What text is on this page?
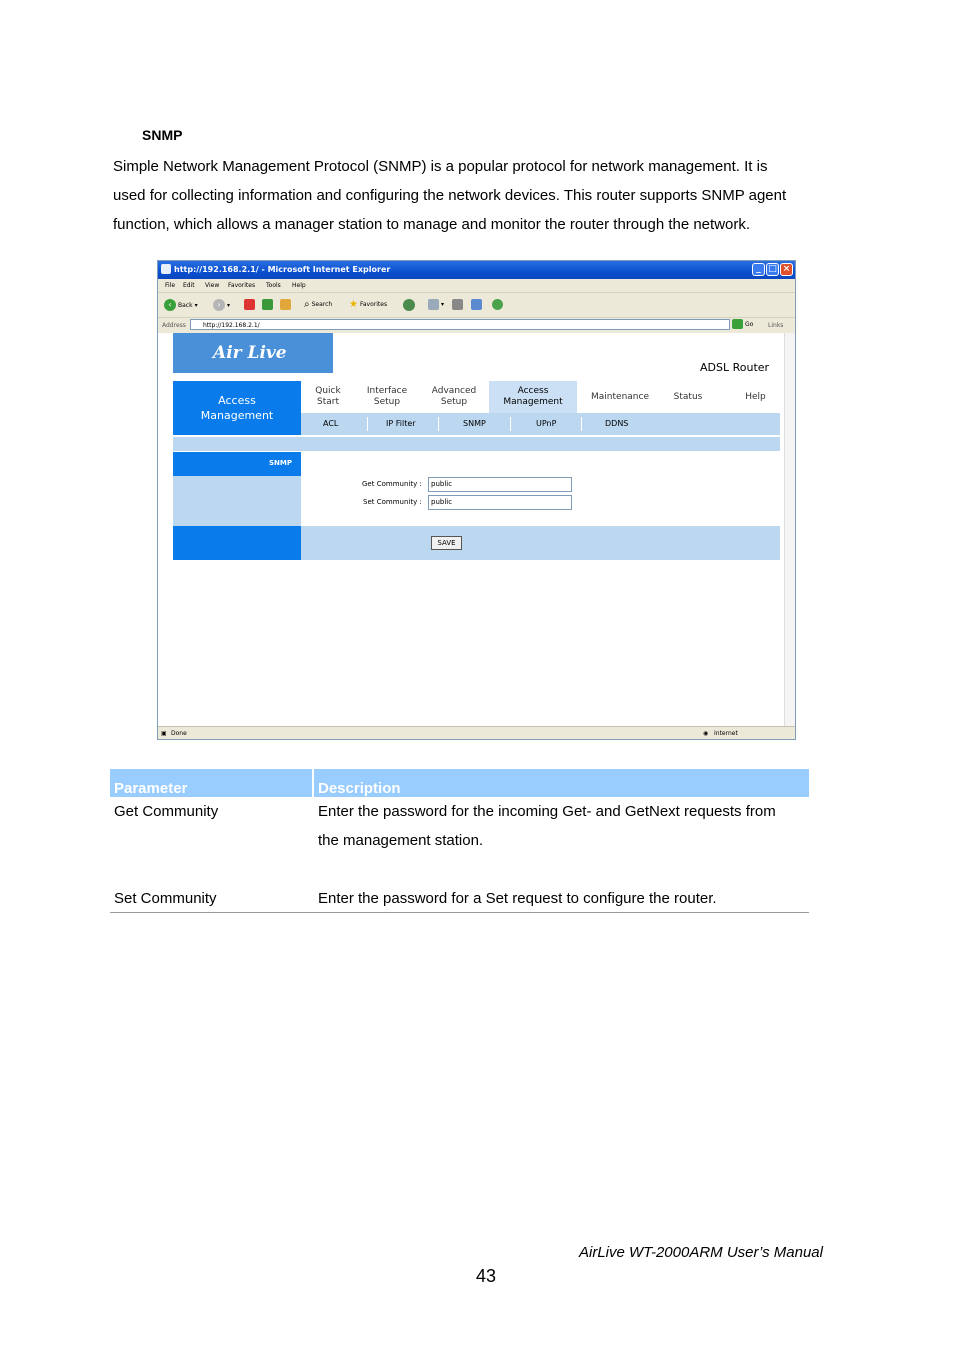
SNMP

Simple Network Management Protocol (SNMP) is a popular protocol for network management. It is

used for collecting information and configuring the network devices. This router supports SNMP agent

function, which allows a manager station to manage and monitor the router through the network.

http://192.168.2.1/ - Microsoft Internet Explorer	_ □ ×
File Edit View Favorites Tools Help
‹	Back ▾	›	▾	⌕ Search ★ Favorites	▾
Address	http://192.168.2.1/	Go Links
Air Live
ADSL Router
Access
Management
Quick
Start
Interface
Setup
Advanced
Setup
Access
Management
Maintenance	Status	Help
ACL	IP Filter	SNMP	UPnP	DDNS
SNMP
Get Community :	public
Set Community :	public
SAVE
▣ Done	◉ Internet
Parameter	Description
Get Community	Enter the password for the incoming Get- and GetNext requests from
the management station.
Set Community	Enter the password for a Set request to configure the router.
AirLive WT-2000ARM User’s Manual
43
